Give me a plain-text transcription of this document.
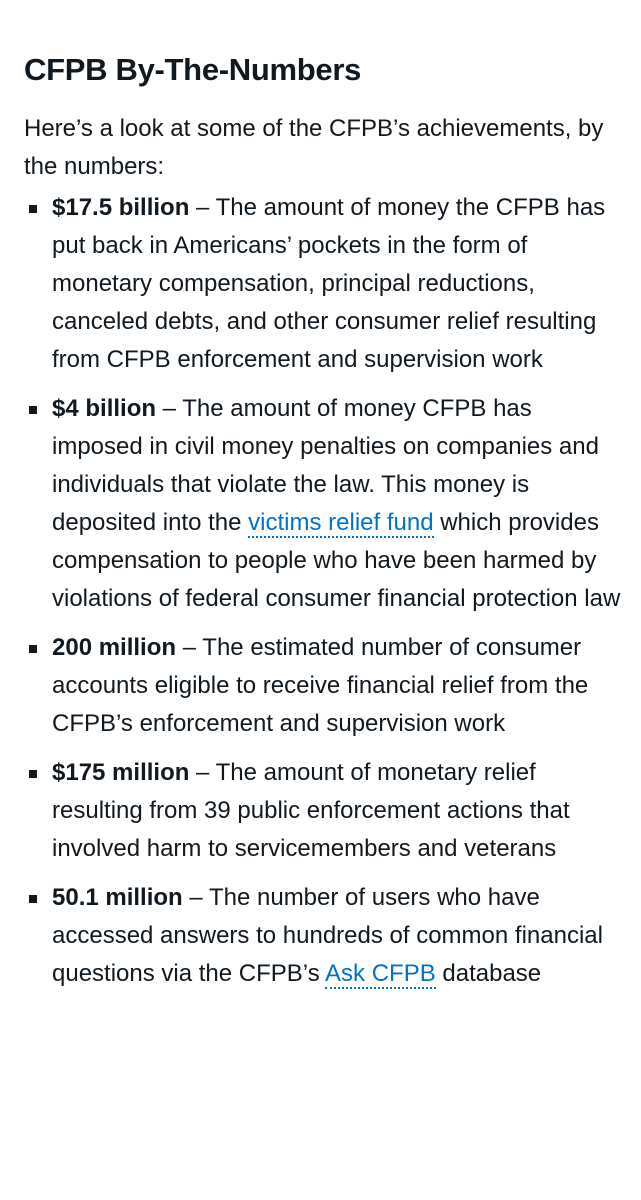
CFPB By-The-Numbers

Here’s a look at some of the CFPB’s achievements, by the numbers:

$17.5 billion – The amount of money the CFPB has put back in Americans’ pockets in the form of monetary compensation, principal reductions, canceled debts, and other consumer relief resulting from CFPB enforcement and supervision work
$4 billion – The amount of money CFPB has imposed in civil money penalties on companies and individuals that violate the law. This money is deposited into the victims relief fund which provides compensation to people who have been harmed by violations of federal consumer financial protection law
200 million – The estimated number of consumer accounts eligible to receive financial relief from the CFPB’s enforcement and supervision work
$175 million – The amount of monetary relief resulting from 39 public enforcement actions that involved harm to servicemembers and veterans
50.1 million – The number of users who have accessed answers to hundreds of common financial questions via the CFPB’s Ask CFPB database
